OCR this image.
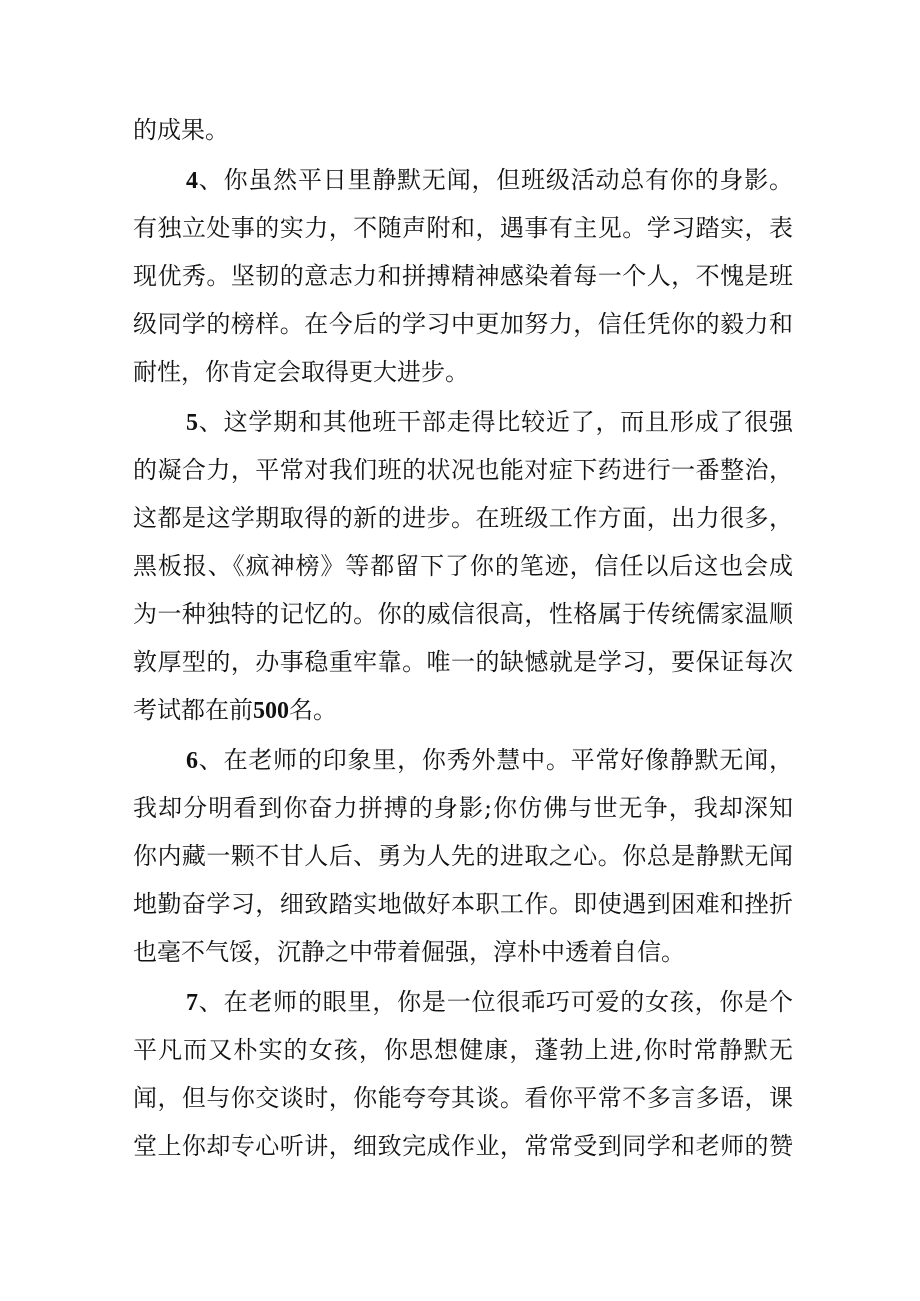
的成果。
4、你虽然平日里静默无闻，但班级活动总有你的身影。
有独立处事的实力，不随声附和，遇事有主见。学习踏实，表
现优秀。坚韧的意志力和拼搏精神感染着每一个人，不愧是班
级同学的榜样。在今后的学习中更加努力，信任凭你的毅力和
耐性，你肯定会取得更大进步。
5、这学期和其他班干部走得比较近了，而且形成了很强
的凝合力，平常对我们班的状况也能对症下药进行一番整治，
这都是这学期取得的新的进步。在班级工作方面，出力很多，
黑板报、《疯神榜》等都留下了你的笔迹，信任以后这也会成
为一种独特的记忆的。你的威信很高，性格属于传统儒家温顺
敦厚型的，办事稳重牢靠。唯一的缺憾就是学习，要保证每次
考试都在前500名。
6、在老师的印象里，你秀外慧中。平常好像静默无闻，
我却分明看到你奋力拼搏的身影;你仿佛与世无争，我却深知
你内藏一颗不甘人后、勇为人先的进取之心。你总是静默无闻
地勤奋学习，细致踏实地做好本职工作。即使遇到困难和挫折
也毫不气馁，沉静之中带着倔强，淳朴中透着自信。
7、在老师的眼里，你是一位很乖巧可爱的女孩，你是个
平凡而又朴实的女孩，你思想健康，蓬勃上进,你时常静默无
闻，但与你交谈时，你能夸夸其谈。看你平常不多言多语，课
堂上你却专心听讲，细致完成作业，常常受到同学和老师的赞
